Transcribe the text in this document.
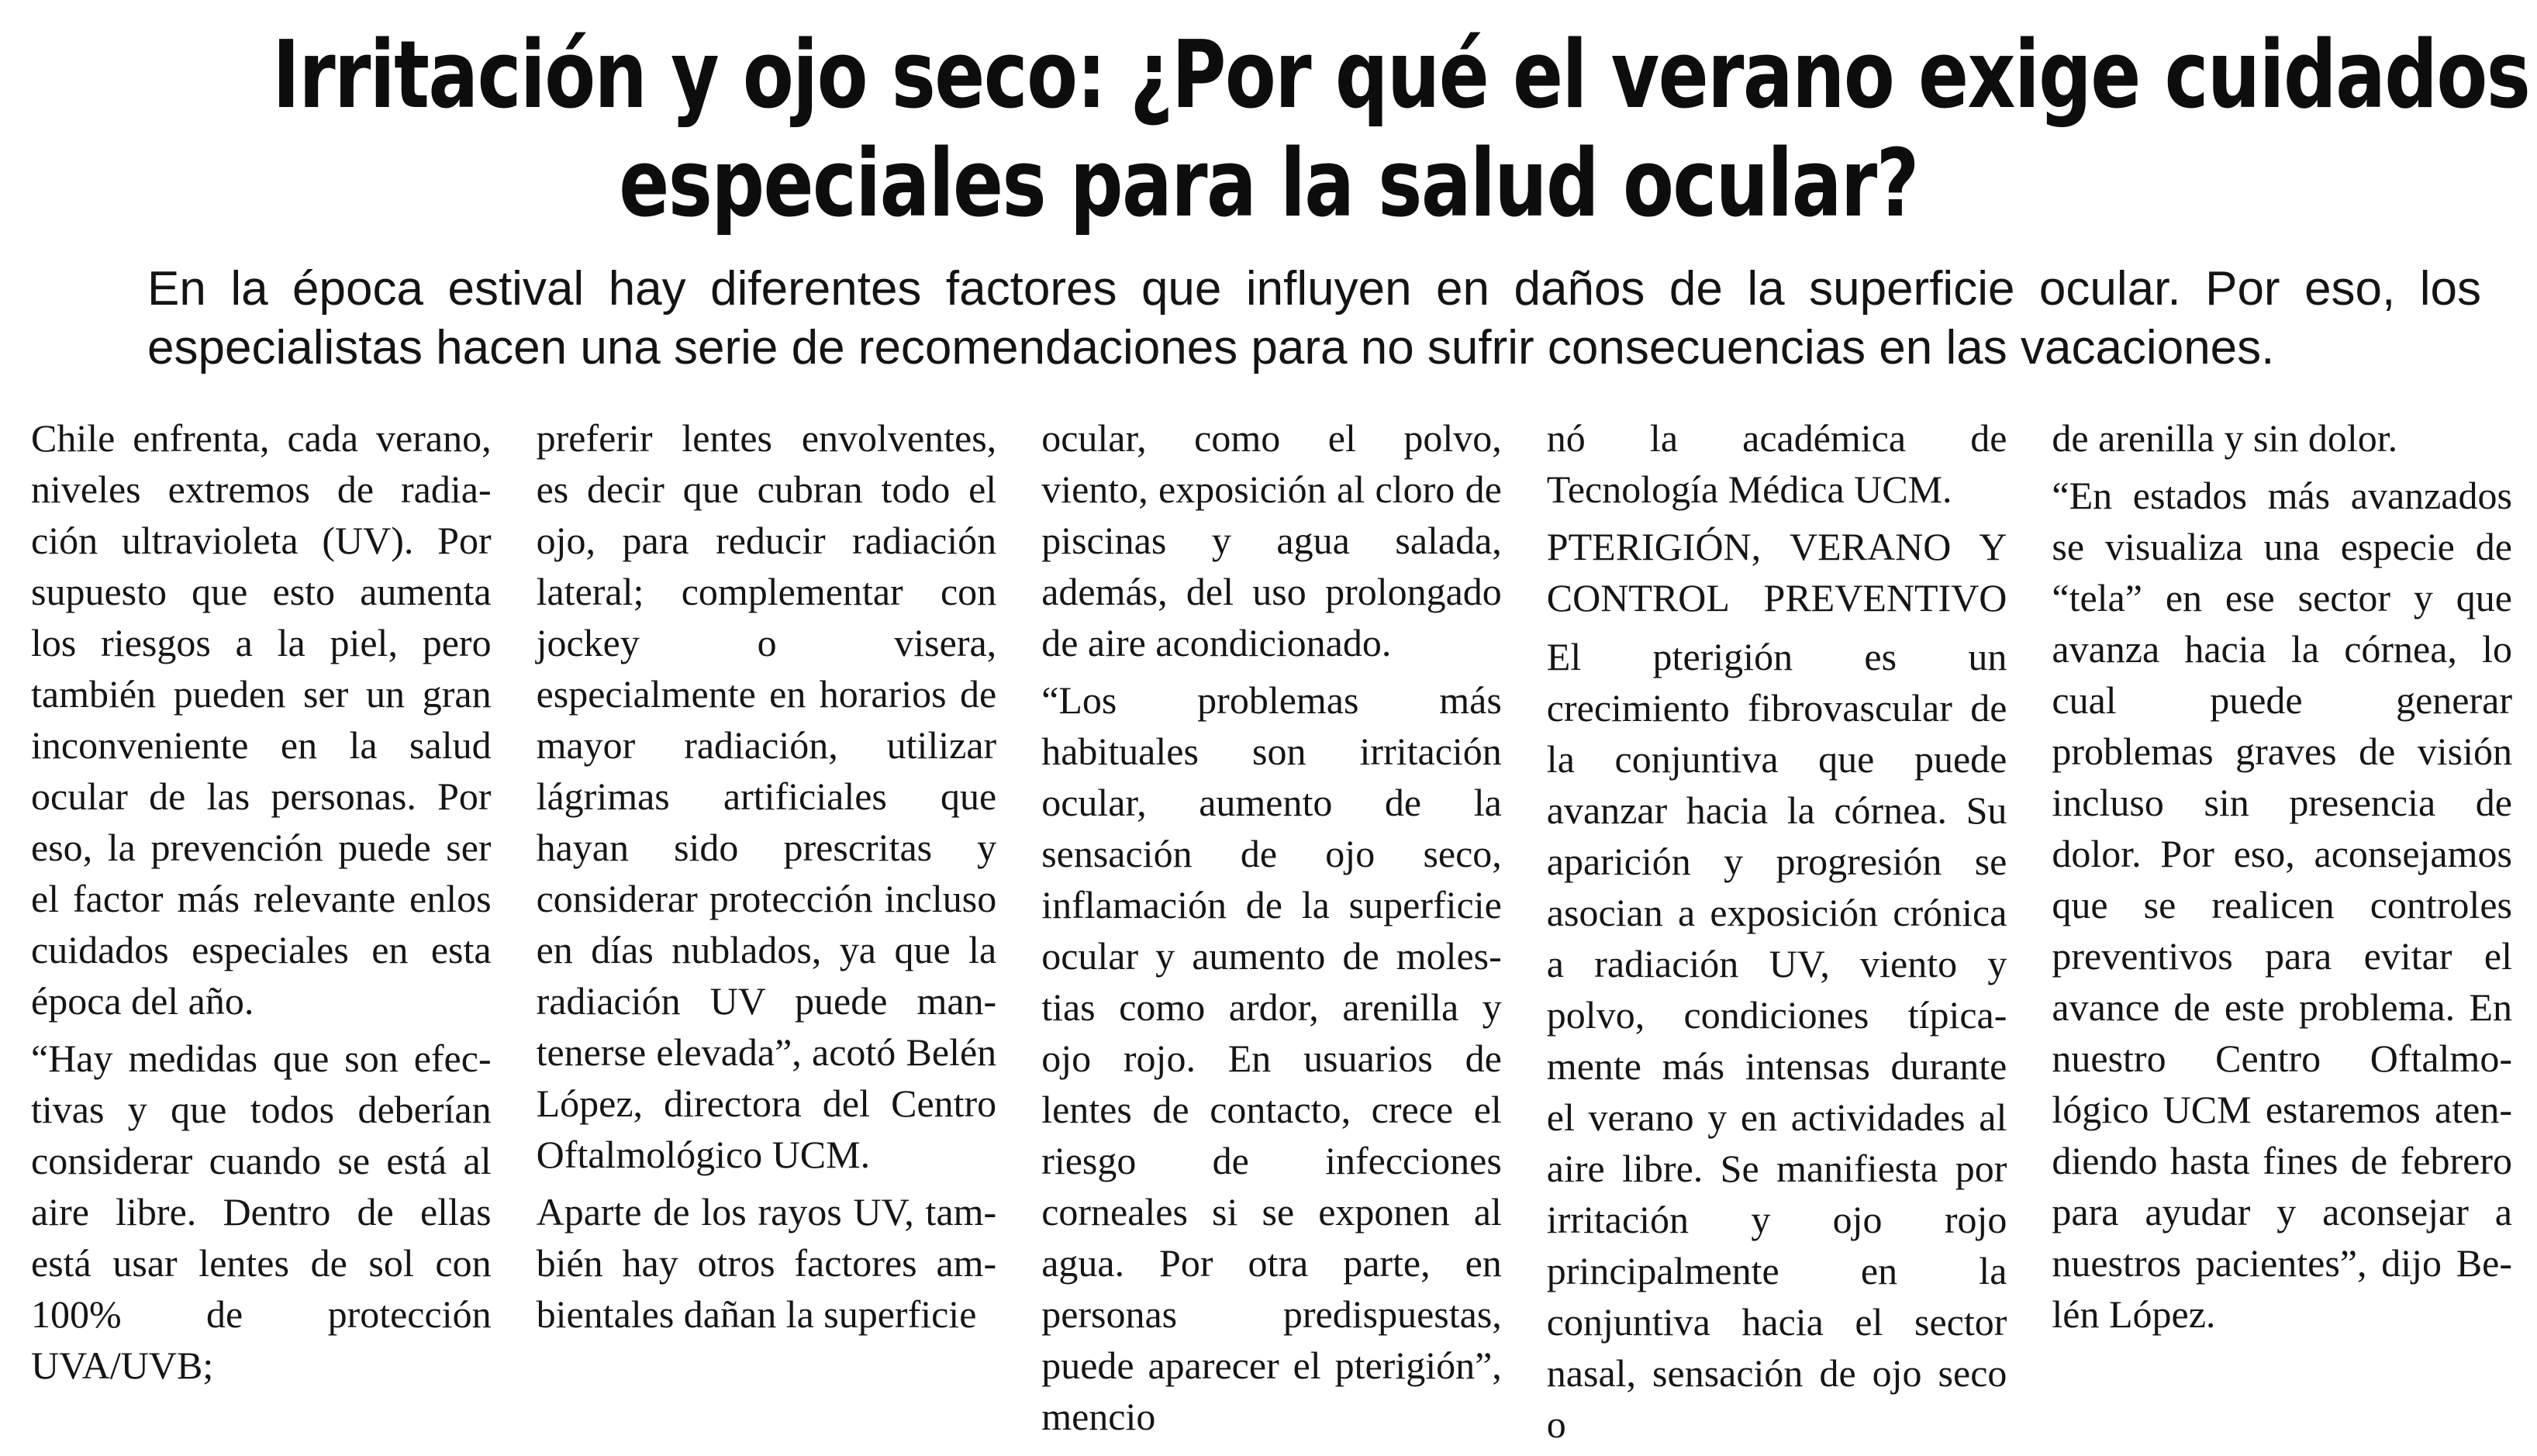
Irritación y ojo seco: ¿Por qué el verano exige cuidados
especiales para la salud ocular?
En la época estival hay diferentes factores que influyen en daños de la superficie ocular. Por eso, los especialistas hacen una serie de recomendaciones para no sufrir consecuencias en las vacaciones.

Chile enfrenta, cada verano, niveles extremos de radiación ultravioleta (UV). Por supuesto que esto aumenta los riesgos a la piel, pero también pueden ser un gran inconveniente en la salud ocular de las personas. Por eso, la prevención puede ser el factor más relevante enlos cuidados especiales en esta época del año.

“Hay medidas que son efectivas y que todos deberían considerar cuando se está al aire libre. Dentro de ellas está usar lentes de sol con 100% de protección UVA/UVB;

preferir lentes envolventes, es decir que cubran todo el ojo, para reducir radiación lateral; complementar con jockey o visera, especialmente en horarios de mayor radiación, utilizar lágrimas artificiales que hayan sido prescritas y considerar protección incluso en días nublados, ya que la radiación UV puede mantenerse elevada”, acotó Belén López, directora del Centro Oftalmológico UCM.

Aparte de los rayos UV, también hay otros factores ambientales dañan la superficie

ocular, como el polvo, viento, exposición al cloro de piscinas y agua salada, además, del uso prolongado de aire acondicionado.

“Los problemas más habituales son irritación ocular, aumento de la sensación de ojo seco, inflamación de la superficie ocular y aumento de molestias como ardor, arenilla y ojo rojo. En usuarios de lentes de contacto, crece el riesgo de infecciones corneales si se exponen al agua. Por otra parte, en personas predispuestas, puede aparecer el pterigión”, mencio

nó la académica de Tecnología Médica UCM.

PTERIGIÓN, VERANO Y CONTROL PREVENTIVO

El pterigión es un crecimiento fibrovascular de la conjuntiva que puede avanzar hacia la córnea. Su aparición y progresión se asocian a exposición crónica a radiación UV, viento y polvo, condiciones típicamente más intensas durante el verano y en actividades al aire libre. Se manifiesta por irritación y ojo rojo principalmente en la conjuntiva hacia el sector nasal, sensación de ojo seco o

de arenilla y sin dolor.

“En estados más avanzados se visualiza una especie de “tela” en ese sector y que avanza hacia la córnea, lo cual puede generar problemas graves de visión incluso sin presencia de dolor. Por eso, aconsejamos que se realicen controles preventivos para evitar el avance de este problema. En nuestro Centro Oftalmológico UCM estaremos atendiendo hasta fines de febrero para ayudar y aconsejar a nuestros pacientes”, dijo Belén López.
